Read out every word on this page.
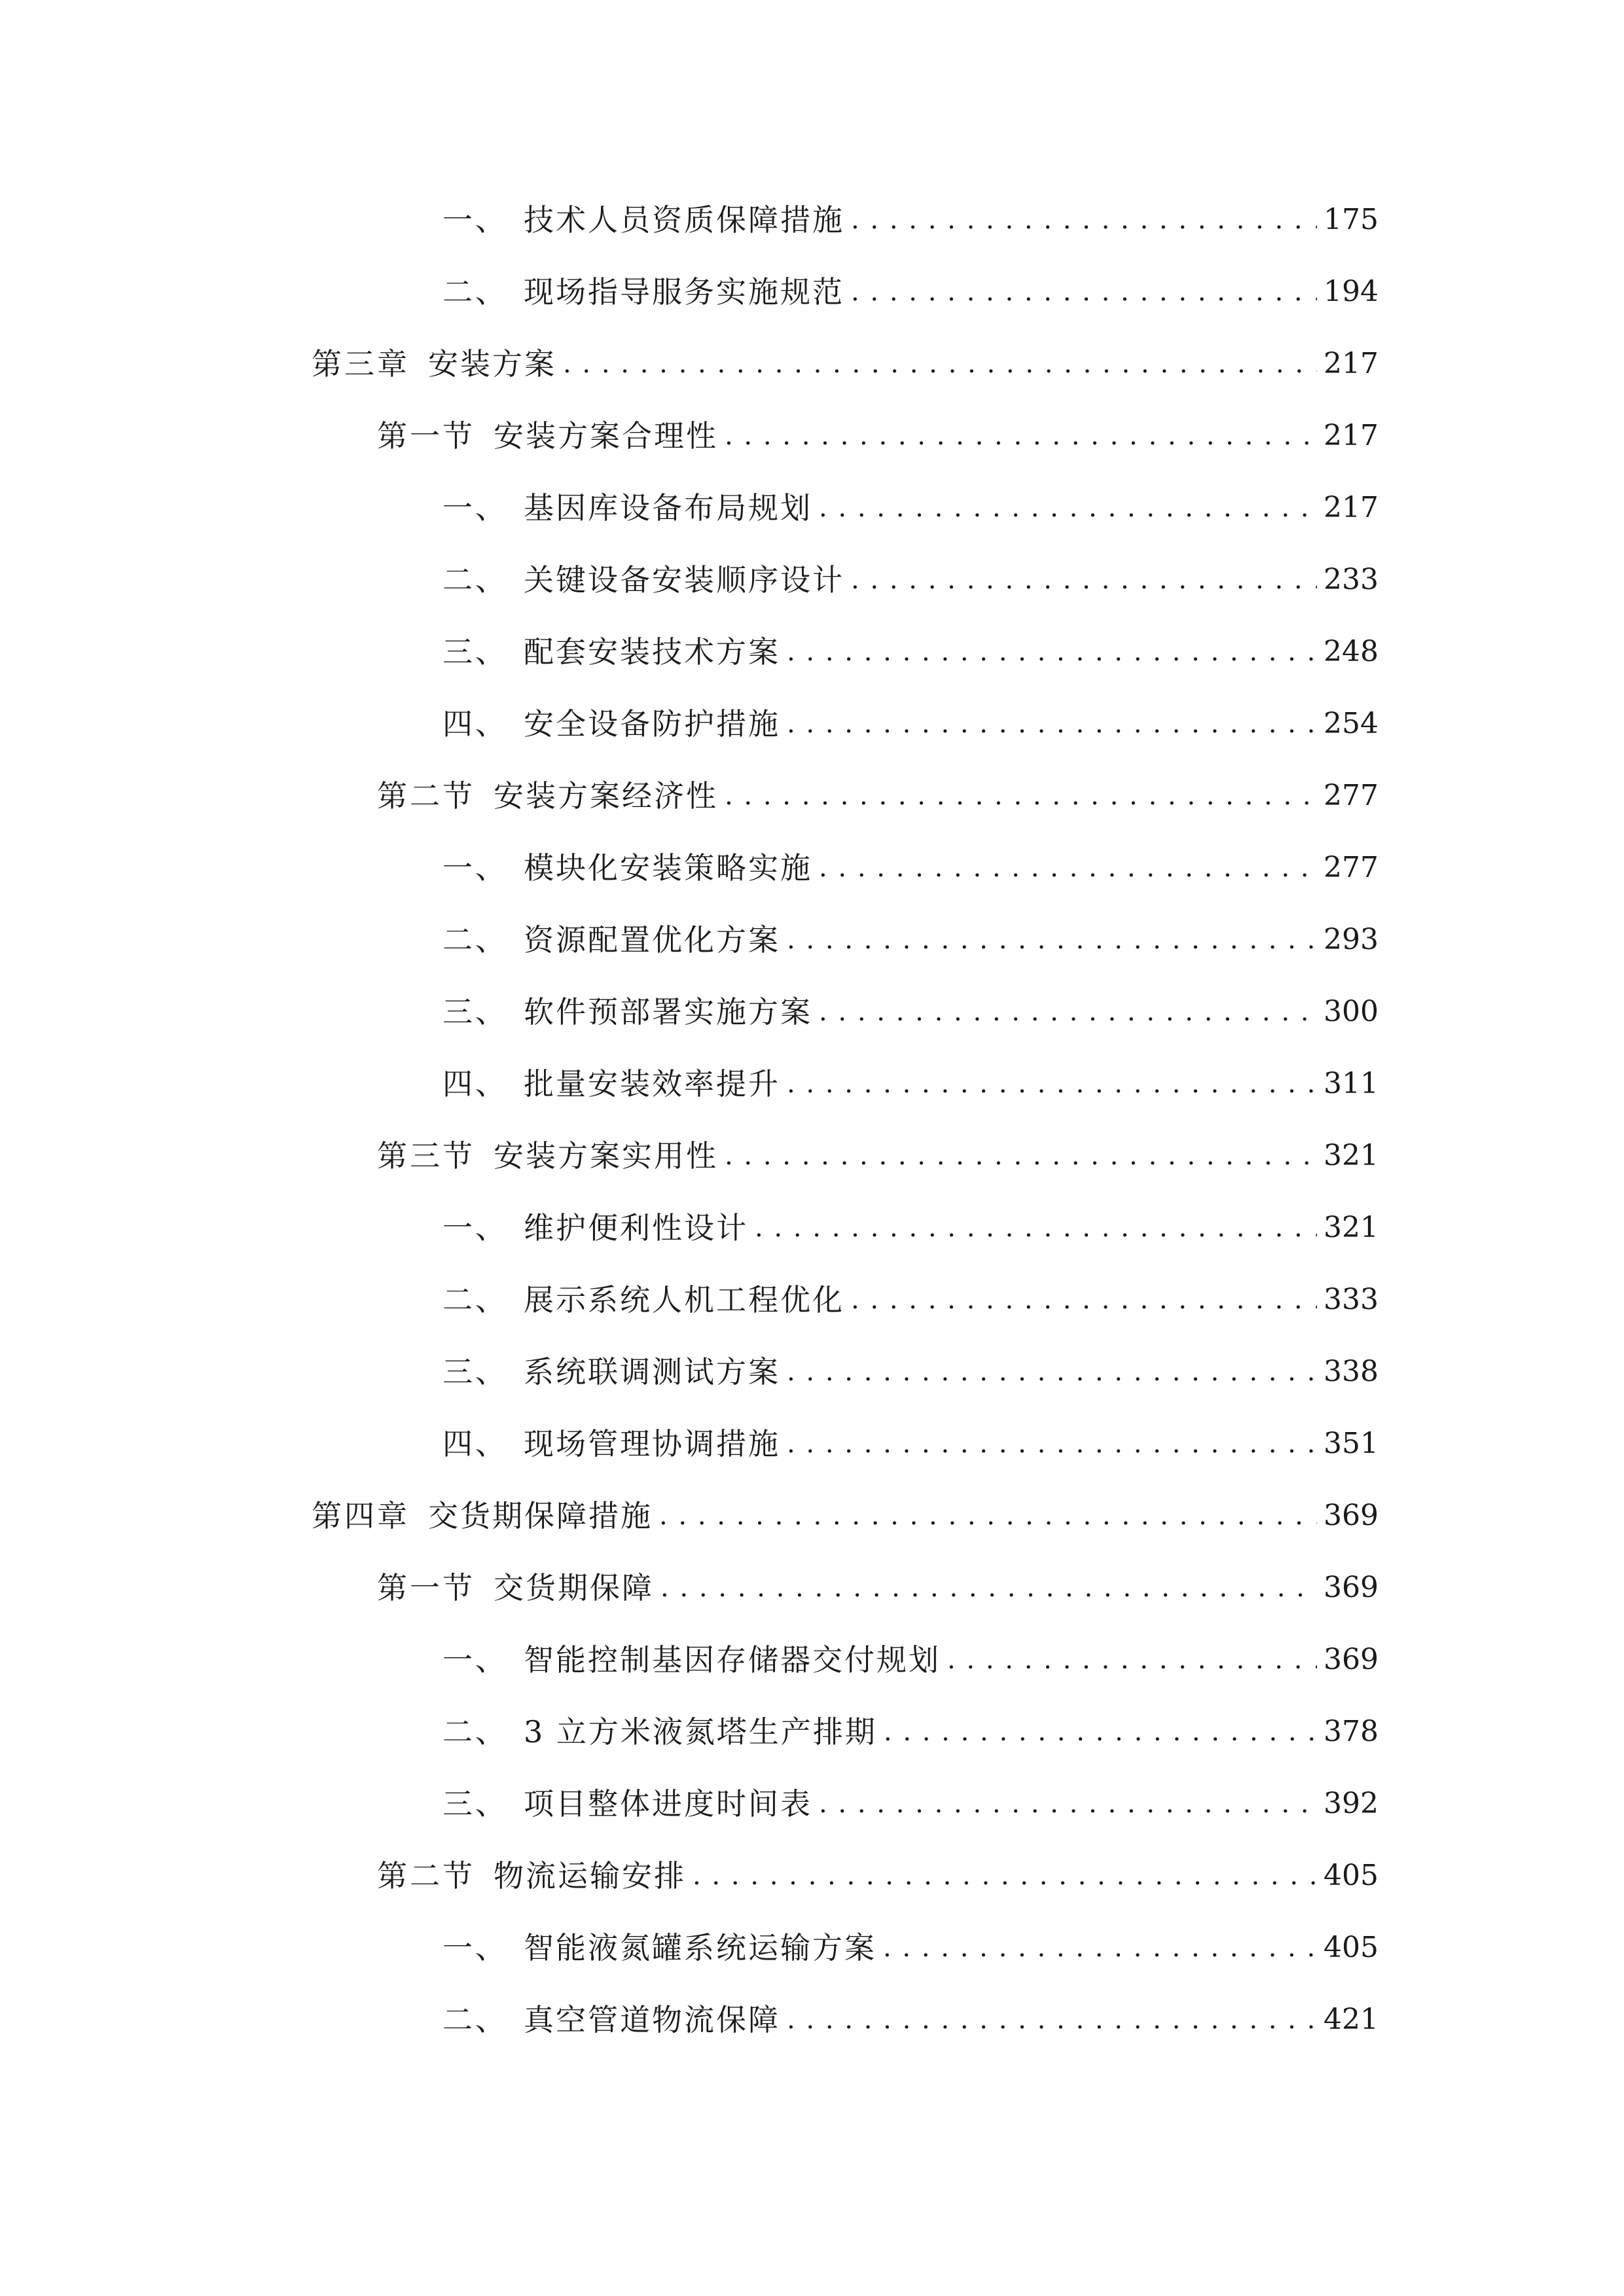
一、 技术人员资质保障措施 . . .	175
二、 现场指导服务实施规范 . . .	194
第三章 安装方案 . . .	217
第一节 安装方案合理性 . . .	217
一、 基因库设备布局规划 . . .	217
二、 关键设备安装顺序设计 . . .	233
三、 配套安装技术方案 . . .	248
四、 安全设备防护措施 . . .	254
第二节 安装方案经济性 . . .	277
一、 模块化安装策略实施 . . .	277
二、 资源配置优化方案 . . .	293
三、 软件预部署实施方案 . . .	300
四、 批量安装效率提升 . . .	311
第三节 安装方案实用性 . . .	321
一、 维护便利性设计 . . .	321
二、 展示系统人机工程优化 . . .	333
三、 系统联调测试方案 . . .	338
四、 现场管理协调措施 . . .	351
第四章 交货期保障措施 . . .	369
第一节 交货期保障 . . .	369
一、 智能控制基因存储器交付规划 . . .	369
二、 3 立方米液氮塔生产排期 . . .	378
三、 项目整体进度时间表 . . .	392
第二节 物流运输安排 . . .	405
一、 智能液氮罐系统运输方案 . . .	405
二、 真空管道物流保障 . . .	421
